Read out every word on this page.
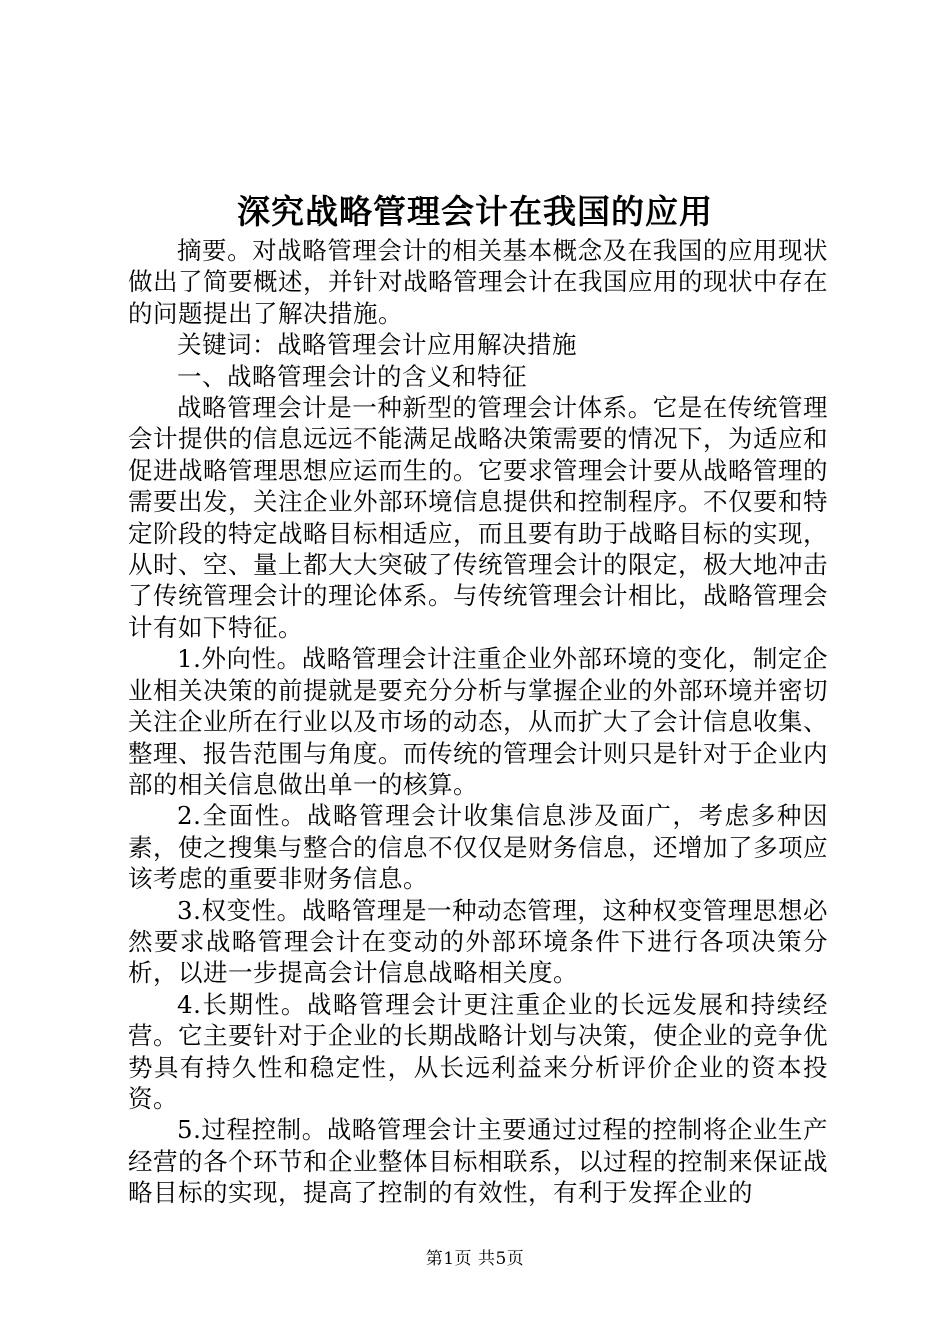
深究战略管理会计在我国的应用

摘要。对战略管理会计的相关基本概念及在我国的应用现状做出了简要概述，并针对战略管理会计在我国应用的现状中存在的问题提出了解决措施。

关键词：战略管理会计应用解决措施

一、战略管理会计的含义和特征

战略管理会计是一种新型的管理会计体系。它是在传统管理会计提供的信息远远不能满足战略决策需要的情况下，为适应和促进战略管理思想应运而生的。它要求管理会计要从战略管理的需要出发，关注企业外部环境信息提供和控制程序。不仅要和特定阶段的特定战略目标相适应，而且要有助于战略目标的实现，从时、空、量上都大大突破了传统管理会计的限定，极大地冲击了传统管理会计的理论体系。与传统管理会计相比，战略管理会计有如下特征。

1.外向性。战略管理会计注重企业外部环境的变化，制定企业相关决策的前提就是要充分分析与掌握企业的外部环境并密切关注企业所在行业以及市场的动态，从而扩大了会计信息收集、整理、报告范围与角度。而传统的管理会计则只是针对于企业内部的相关信息做出单一的核算。

2.全面性。战略管理会计收集信息涉及面广，考虑多种因素，使之搜集与整合的信息不仅仅是财务信息，还增加了多项应该考虑的重要非财务信息。

3.权变性。战略管理是一种动态管理，这种权变管理思想必然要求战略管理会计在变动的外部环境条件下进行各项决策分析，以进一步提高会计信息战略相关度。

4.长期性。战略管理会计更注重企业的长远发展和持续经营。它主要针对于企业的长期战略计划与决策，使企业的竞争优势具有持久性和稳定性，从长远利益来分析评价企业的资本投资。

5.过程控制。战略管理会计主要通过过程的控制将企业生产经营的各个环节和企业整体目标相联系，以过程的控制来保证战略目标的实现，提高了控制的有效性，有利于发挥企业的

第1页 共5页
